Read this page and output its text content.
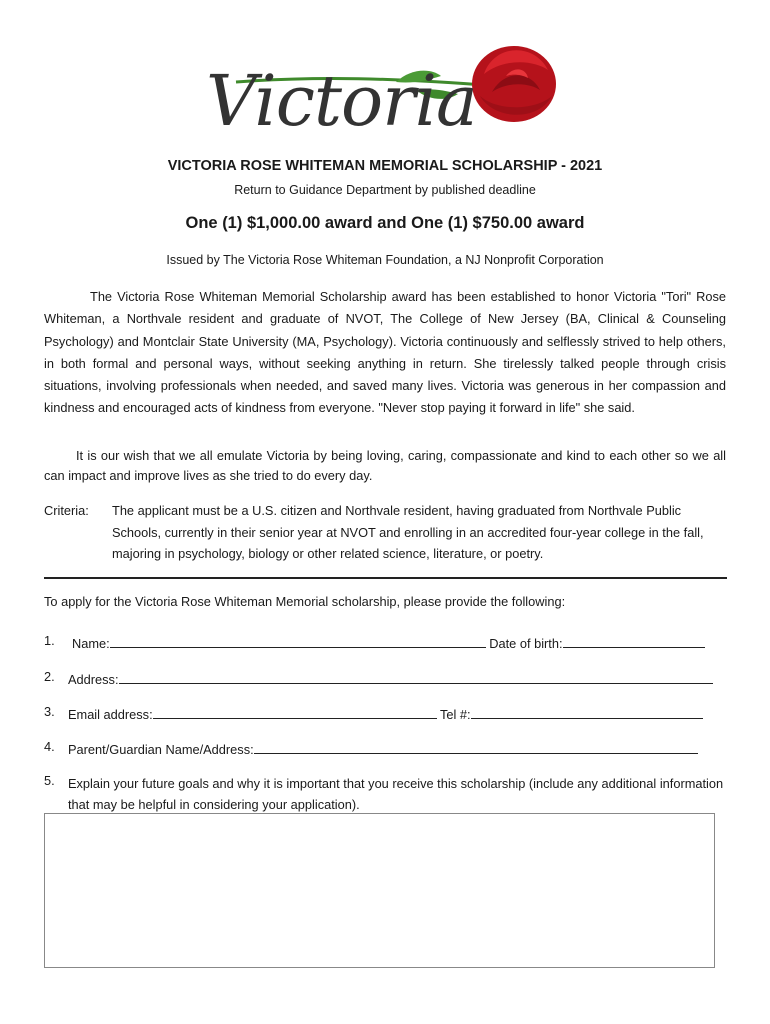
Victoria
VICTORIA ROSE WHITEMAN MEMORIAL SCHOLARSHIP - 2021
Return to Guidance Department by published deadline
One (1) $1,000.00 award and One (1) $750.00 award
Issued by The Victoria Rose Whiteman Foundation, a NJ Nonprofit Corporation

The Victoria Rose Whiteman Memorial Scholarship award has been established to honor Victoria "Tori" Rose Whiteman, a Northvale resident and graduate of NVOT, The College of New Jersey (BA, Clinical & Counseling Psychology) and Montclair State University (MA, Psychology). Victoria continuously and selflessly strived to help others, in both formal and personal ways, without seeking anything in return. She tirelessly talked people through crisis situations, involving professionals when needed, and saved many lives. Victoria was generous in her compassion and kindness and encouraged acts of kindness from everyone. "Never stop paying it forward in life" she said.

It is our wish that we all emulate Victoria by being loving, caring, compassionate and kind to each other so we all can impact and improve lives as she tried to do every day.

Criteria: The applicant must be a U.S. citizen and Northvale resident, having graduated from Northvale Public Schools, currently in their senior year at NVOT and enrolling in an accredited four-year college in the fall, majoring in psychology, biology or other related science, literature, or poetry.
To apply for the Victoria Rose Whiteman Memorial scholarship, please provide the following:
1. Name:	Date of birth:
2. Address:
3. Email address:	Tel #:
4. Parent/Guardian Name/Address:
5. Explain your future goals and why it is important that you receive this scholarship (include any additional information that may be helpful in considering your application).
